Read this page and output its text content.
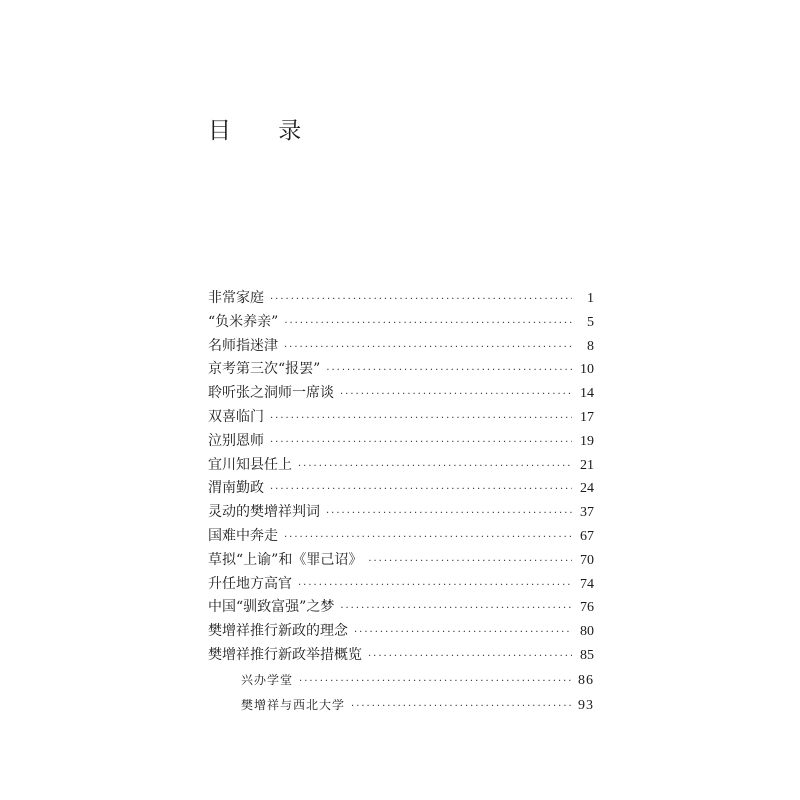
目 录
非常家庭 ·····	1
“负米养亲” ·····	5
名师指迷津 ·····	8
京考第三次“报罢” ·····	10
聆听张之洞师一席谈 ·····	14
双喜临门 ·····	17
泣别恩师 ·····	19
宜川知县任上 ·····	21
渭南勤政 ·····	24
灵动的樊增祥判词 ·····	37
国难中奔走 ·····	67
草拟“上谕”和《罪己诏》 ·····	70
升任地方高官 ·····	74
中国“驯致富强”之梦 ·····	76
樊增祥推行新政的理念 ·····	80
樊增祥推行新政举措概览 ·····	85
兴办学堂 ·····	86
樊增祥与西北大学 ·····	93
